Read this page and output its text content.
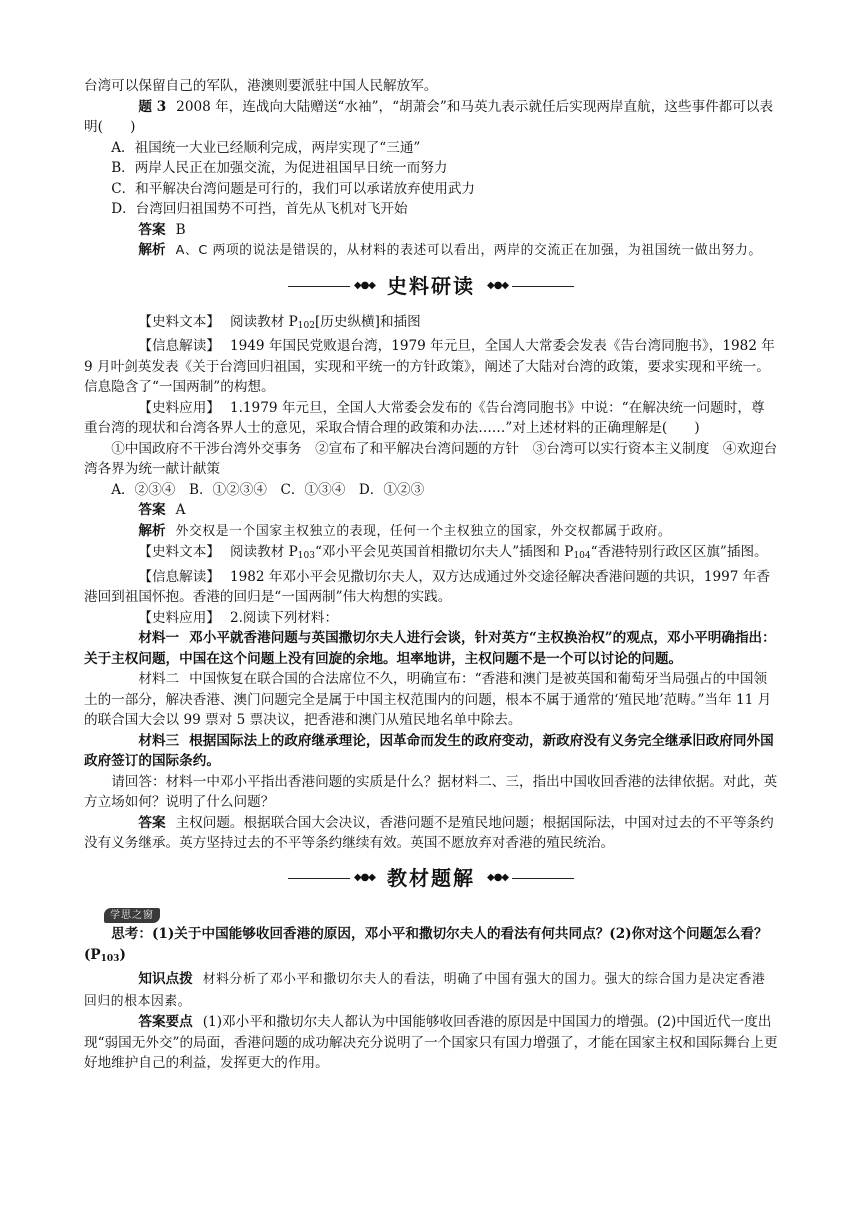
台湾可以保留自己的军队，港澳则要派驻中国人民解放军。

题 3 2008 年，连战向大陆赠送“水袖”，“胡萧会”和马英九表示就任后实现两岸直航，这些事件都可以表明(　　)

A．祖国统一大业已经顺利完成，两岸实现了“三通”

B．两岸人民正在加强交流，为促进祖国早日统一而努力

C．和平解决台湾问题是可行的，我们可以承诺放弃使用武力

D．台湾回归祖国势不可挡，首先从飞机对飞开始

答案 B

解析 A、C 两项的说法是错误的，从材料的表述可以看出，两岸的交流正在加强，为祖国统一做出努力。

◆●◆ 史料研读 ◆●◆

【史料文本】 阅读教材 $P_{102}$[历史纵横]和插图

【信息解读】 1949 年国民党败退台湾，1979 年元旦，全国人大常委会发表《告台湾同胞书》，1982 年 9 月叶剑英发表《关于台湾回归祖国，实现和平统一的方针政策》，阐述了大陆对台湾的政策，要求实现和平统一。信息隐含了“一国两制”的构想。

【史料应用】 1.1979 年元旦，全国人大常委会发布的《告台湾同胞书》中说：“在解决统一问题时，尊重台湾的现状和台湾各界人士的意见，采取合情合理的政策和办法……”对上述材料的正确理解是(　　)

①中国政府不干涉台湾外交事务　②宣布了和平解决台湾问题的方针　③台湾可以实行资本主义制度　④欢迎台湾各界为统一献计献策

A．②③④　B．①②③④　C．①③④　D．①②③

答案 A

解析 外交权是一个国家主权独立的表现，任何一个主权独立的国家，外交权都属于政府。

【史料文本】 阅读教材 $P_{103}“$邓小平会见英国首相撒切尔夫人”插图和 $P_{104}“$香港特别行政区区旗”插图。

【信息解读】 1982 年邓小平会见撒切尔夫人，双方达成通过外交途径解决香港问题的共识，1997 年香港回到祖国怀抱。香港的回归是“一国两制”伟大构想的实践。

【史料应用】 2.阅读下列材料：

材料一 邓小平就香港问题与英国撒切尔夫人进行会谈，针对英方“主权换治权”的观点，邓小平明确指出：关于主权问题，中国在这个问题上没有回旋的余地。坦率地讲，主权问题不是一个可以讨论的问题。

材料二 中国恢复在联合国的合法席位不久，明确宣布：“香港和澳门是被英国和葡萄牙当局强占的中国领土的一部分，解决香港、澳门问题完全是属于中国主权范围内的问题，根本不属于通常的‘殖民地’范畴。”当年 11 月的联合国大会以 99 票对 5 票决议，把香港和澳门从殖民地名单中除去。

材料三 根据国际法上的政府继承理论，因革命而发生的政府变动，新政府没有义务完全继承旧政府同外国政府签订的国际条约。

请回答：材料一中邓小平指出香港问题的实质是什么？据材料二、三，指出中国收回香港的法律依据。对此，英方立场如何？说明了什么问题？

答案 主权问题。根据联合国大会决议，香港问题不是殖民地问题；根据国际法，中国对过去的不平等条约没有义务继承。英方坚持过去的不平等条约继续有效。英国不愿放弃对香港的殖民统治。

◆●◆ 教材题解 ◆●◆

学思之窗

思考：(1)关于中国能够收回香港的原因，邓小平和撒切尔夫人的看法有何共同点？(2)你对这个问题怎么看？$(P_{103})$

知识点拨 材料分析了邓小平和撒切尔夫人的看法，明确了中国有强大的国力。强大的综合国力是决定香港回归的根本因素。

答案要点 (1)邓小平和撒切尔夫人都认为中国能够收回香港的原因是中国国力的增强。(2)中国近代一度出现“弱国无外交”的局面，香港问题的成功解决充分说明了一个国家只有国力增强了，才能在国家主权和国际舞台上更好地维护自己的利益，发挥更大的作用。
